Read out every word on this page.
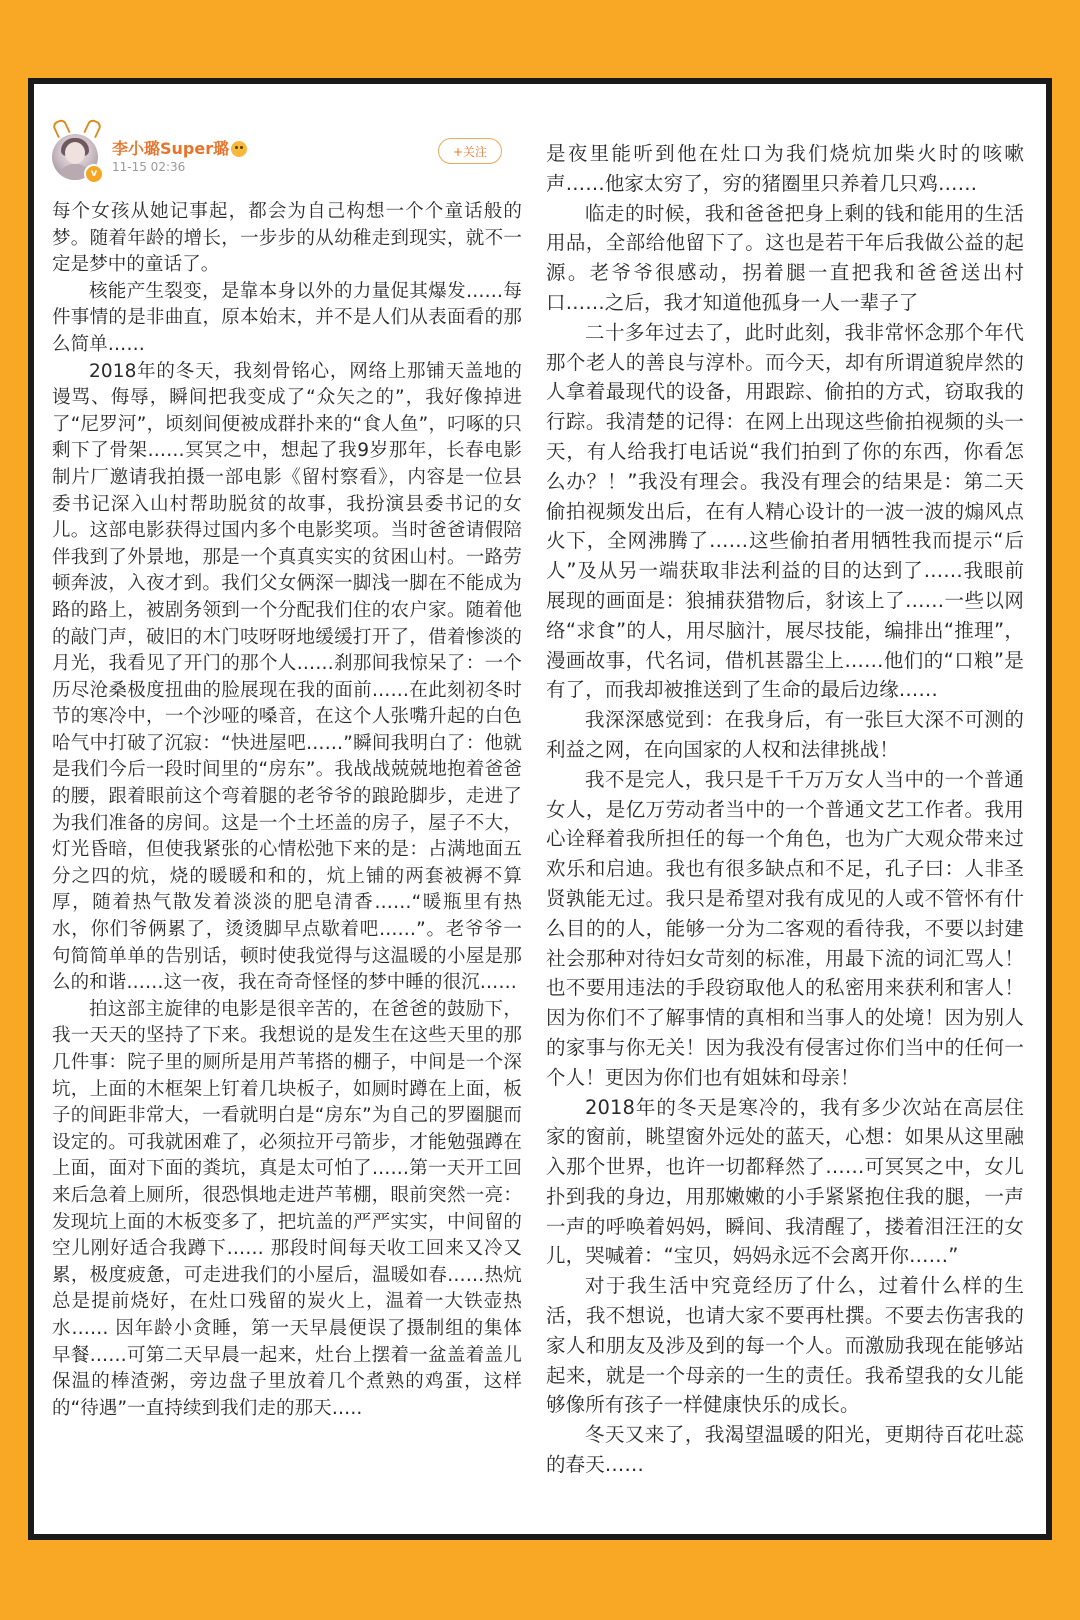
v
李小璐Super璐
11-15 02:36
+关注

每个女孩从她记事起，都会为自己构想一个个童话般的梦。随着年龄的增长，一步步的从幼稚走到现实，就不一定是梦中的童话了。

核能产生裂变，是靠本身以外的力量促其爆发……每件事情的是非曲直，原本始末，并不是人们从表面看的那么简单……

2018年的冬天，我刻骨铭心，网络上那铺天盖地的谩骂、侮辱，瞬间把我变成了“众矢之的”，我好像掉进了“尼罗河”，顷刻间便被成群扑来的“食人鱼”，叼啄的只剩下了骨架……冥冥之中，想起了我9岁那年，长春电影制片厂邀请我拍摄一部电影《留村察看》，内容是一位县委书记深入山村帮助脱贫的故事，我扮演县委书记的女儿。这部电影获得过国内多个电影奖项。当时爸爸请假陪伴我到了外景地，那是一个真真实实的贫困山村。一路劳顿奔波，入夜才到。我们父女俩深一脚浅一脚在不能成为路的路上，被剧务领到一个分配我们住的农户家。随着他的敲门声，破旧的木门吱呀呀地缓缓打开了，借着惨淡的月光，我看见了开门的那个人……刹那间我惊呆了：一个历尽沧桑极度扭曲的脸展现在我的面前……在此刻初冬时节的寒冷中，一个沙哑的嗓音，在这个人张嘴升起的白色哈气中打破了沉寂：“快进屋吧……”瞬间我明白了：他就是我们今后一段时间里的“房东”。我战战兢兢地抱着爸爸的腰，跟着眼前这个弯着腿的老爷爷的踉跄脚步，走进了为我们准备的房间。这是一个土坯盖的房子，屋子不大，灯光昏暗，但使我紧张的心情松弛下来的是：占满地面五分之四的炕，烧的暖暖和和的，炕上铺的两套被褥不算厚，随着热气散发着淡淡的肥皂清香……“暖瓶里有热水，你们爷俩累了，烫烫脚早点歇着吧……”。老爷爷一句简简单单的告别话，顿时使我觉得与这温暖的小屋是那么的和谐……这一夜，我在奇奇怪怪的梦中睡的很沉……

拍这部主旋律的电影是很辛苦的，在爸爸的鼓励下，我一天天的坚持了下来。我想说的是发生在这些天里的那几件事：院子里的厕所是用芦苇搭的棚子，中间是一个深坑，上面的木框架上钉着几块板子，如厕时蹲在上面，板子的间距非常大，一看就明白是“房东”为自己的罗圈腿而设定的。可我就困难了，必须拉开弓箭步，才能勉强蹲在上面，面对下面的粪坑，真是太可怕了……第一天开工回来后急着上厕所，很恐惧地走进芦苇棚，眼前突然一亮：发现坑上面的木板变多了，把坑盖的严严实实，中间留的空儿刚好适合我蹲下…… 那段时间每天收工回来又冷又累，极度疲惫，可走进我们的小屋后，温暖如春……热炕总是提前烧好，在灶口残留的炭火上，温着一大铁壶热水…… 因年龄小贪睡，第一天早晨便误了摄制组的集体早餐……可第二天早晨一起来，灶台上摆着一盆盖着盖儿保温的棒渣粥，旁边盘子里放着几个煮熟的鸡蛋，这样的“待遇”一直持续到我们走的那天…..

是夜里能听到他在灶口为我们烧炕加柴火时的咳嗽声……他家太穷了，穷的猪圈里只养着几只鸡……

临走的时候，我和爸爸把身上剩的钱和能用的生活用品，全部给他留下了。这也是若干年后我做公益的起源。老爷爷很感动，拐着腿一直把我和爸爸送出村口……之后，我才知道他孤身一人一辈子了

二十多年过去了，此时此刻，我非常怀念那个年代那个老人的善良与淳朴。而今天，却有所谓道貌岸然的人拿着最现代的设备，用跟踪、偷拍的方式，窃取我的行踪。我清楚的记得：在网上出现这些偷拍视频的头一天，有人给我打电话说“我们拍到了你的东西，你看怎么办？！”我没有理会。我没有理会的结果是：第二天偷拍视频发出后，在有人精心设计的一波一波的煽风点火下，全网沸腾了……这些偷拍者用牺牲我而提示“后人”及从另一端获取非法利益的目的达到了……我眼前展现的画面是：狼捕获猎物后，豺该上了……一些以网络“求食”的人，用尽脑汁，展尽技能，编排出“推理”，漫画故事，代名词，借机甚嚣尘上……他们的“口粮”是有了，而我却被推送到了生命的最后边缘……

我深深感觉到：在我身后，有一张巨大深不可测的利益之网，在向国家的人权和法律挑战！

我不是完人，我只是千千万万女人当中的一个普通女人，是亿万劳动者当中的一个普通文艺工作者。我用心诠释着我所担任的每一个角色，也为广大观众带来过欢乐和启迪。我也有很多缺点和不足，孔子曰：人非圣贤孰能无过。我只是希望对我有成见的人或不管怀有什么目的的人，能够一分为二客观的看待我，不要以封建社会那种对待妇女苛刻的标准，用最下流的词汇骂人！也不要用违法的手段窃取他人的私密用来获利和害人！因为你们不了解事情的真相和当事人的处境！因为别人的家事与你无关！因为我没有侵害过你们当中的任何一个人！更因为你们也有姐妹和母亲！

2018年的冬天是寒冷的，我有多少次站在高层住家的窗前，眺望窗外远处的蓝天，心想：如果从这里融入那个世界，也许一切都释然了……可冥冥之中，女儿扑到我的身边，用那嫩嫩的小手紧紧抱住我的腿，一声一声的呼唤着妈妈，瞬间、我清醒了，搂着泪汪汪的女儿，哭喊着：“宝贝，妈妈永远不会离开你……”

对于我生活中究竟经历了什么，过着什么样的生活，我不想说，也请大家不要再杜撰。不要去伤害我的家人和朋友及涉及到的每一个人。而激励我现在能够站起来，就是一个母亲的一生的责任。我希望我的女儿能够像所有孩子一样健康快乐的成长。

冬天又来了，我渴望温暖的阳光，更期待百花吐蕊的春天……
